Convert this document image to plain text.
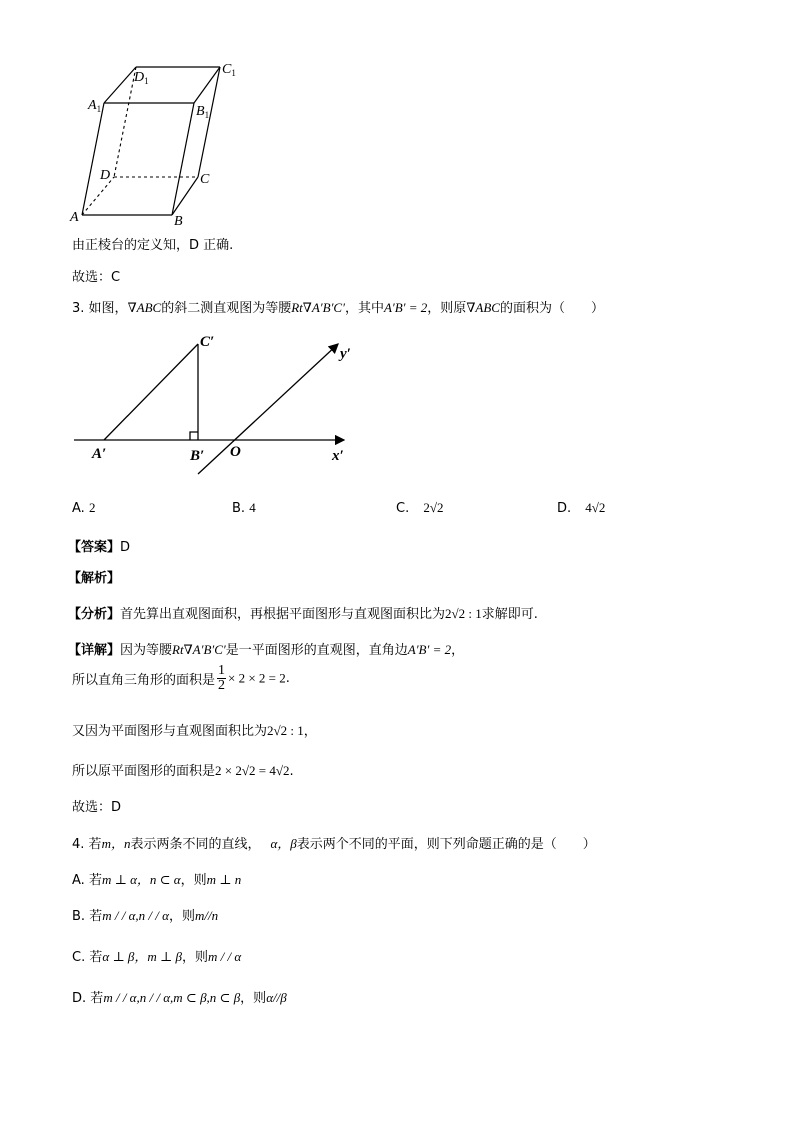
$D_1$
$C_1$
$A_1$	$B_1$
D	C
A	B
由正棱台的定义知，D 正确.
故选：C
3. 如图，∇ABC的斜二测直观图为等腰Rt∇A′B′C′，其中A′B′ = 2，则原∇ABC的面积为（　　）
C′
y′
A′	B′ O	x′
A. 2	B. 4	C. 2√2	D. 4√2
【答案】D
【解析】
【分析】首先算出直观图面积，再根据平面图形与直观图面积比为2√2 : 1求解即可.
【详解】因为等腰Rt∇A′B′C′是一平面图形的直观图，直角边A′B′ = 2，
所以直角三角形的面积是 $\frac{1}{2} \times 2 \times 2 = 2$.
又因为平面图形与直观图面积比为2√2 : 1，
所以原平面图形的面积是2 × 2√2 = 4√2.
故选：D
4. 若m，n表示两条不同的直线， α，β表示两个不同的平面，则下列命题正确的是（　　）
A. 若m ⊥ α，n ⊂ α，则m ⊥ n
B. 若m / / α,n / / α，则m//n
C. 若α ⊥ β，m ⊥ β，则m / / α
D. 若m / / α,n / / α,m ⊂ β,n ⊂ β，则α//β
